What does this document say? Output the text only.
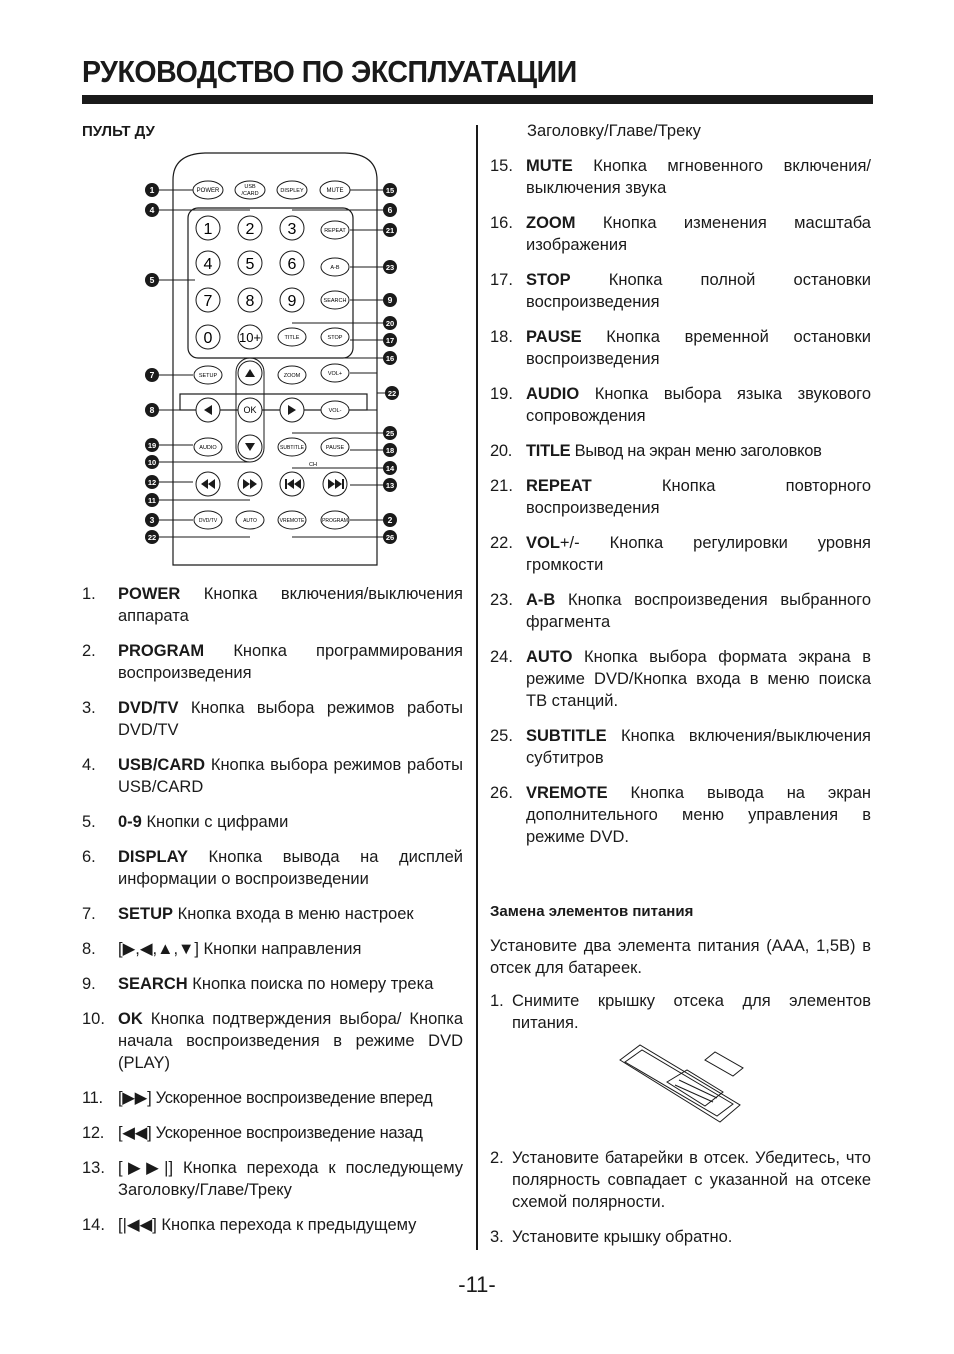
РУКОВОДСТВО ПО ЭКСПЛУАТАЦИИ
ПУЛЬТ ДУ
POWER
USB
/CARD	DISPLEY	MUTE
1 2 3
4 5 6
7 8 9
0 10+
REPEAT
A-B
SEARCH
TITLE	STOP
SETUP	ZOOM	VOL+
VOL-
OK
AUDIO	SUBTITLE	PAUSE
CH
DVD/TV	AUTO	VREMOTE	PROGRAM
1
4
5
7
8
19
10
12
11
3
22
15
6
21
23
9
20
17
16
22
25
18
14
13
2
26
1. POWER Кнопка включения/выключения аппарата
2. PROGRAM Кнопка программирования воспроизведения
3. DVD/TV Кнопка выбора режимов работы DVD/TV
4. USB/CARD Кнопка выбора режимов работы USB/CARD
5. 0-9 Кнопки с цифрами
6. DISPLAY Кнопка вывода на дисплей информации о воспроизведении
7. SETUP Кнопка входа в меню настроек
8. [▶,◀,▲,▼] Кнопки направления
9. SEARCH Кнопка поиска по номеру трека
10. OK Кнопка подтверждения выбора/ Кнопка начала воспроизведения в режиме DVD (PLAY)
11. [▶▶] Ускоренное воспроизведение вперед
12. [◀◀] Ускоренное воспроизведение назад
13. [▶▶|] Кнопка перехода к последующему Заголовку/Главе/Треку
14. [|◀◀] Кнопка перехода к предыдущему
Заголовку/Главе/Треку
15. MUTE Кнопка мгновенного включения/ выключения звука
16. ZOOM Кнопка изменения масштаба изображения
17. STOP Кнопка полной остановки воспроизведения
18. PAUSE Кнопка временной остановки воспроизведения
19. AUDIO Кнопка выбора языка звукового сопровождения
20. TITLE Вывод на экран меню заголовков
21. REPEAT Кнопка повторного воспроизведения
22. VOL+/- Кнопка регулировки уровня громкости
23. A-B Кнопка воспроизведения выбранного фрагмента
24. AUTO Кнопка выбора формата экрана в режиме DVD/Кнопка входа в меню поиска ТВ станций.
25. SUBTITLE Кнопка включения/выключения субтитров
26. VREMOTE Кнопка вывода на экран дополнительного меню управления в режиме DVD.
Замена элементов питания
Установите два элемента питания (AAA, 1,5В) в отсек для батареек.
1. Снимите крышку отсека для элементов питания.
2. Установите батарейки в отсек. Убедитесь, что полярность совпадает с указанной на отсеке схемой полярности.
3. Установите крышку обратно.
-11-
